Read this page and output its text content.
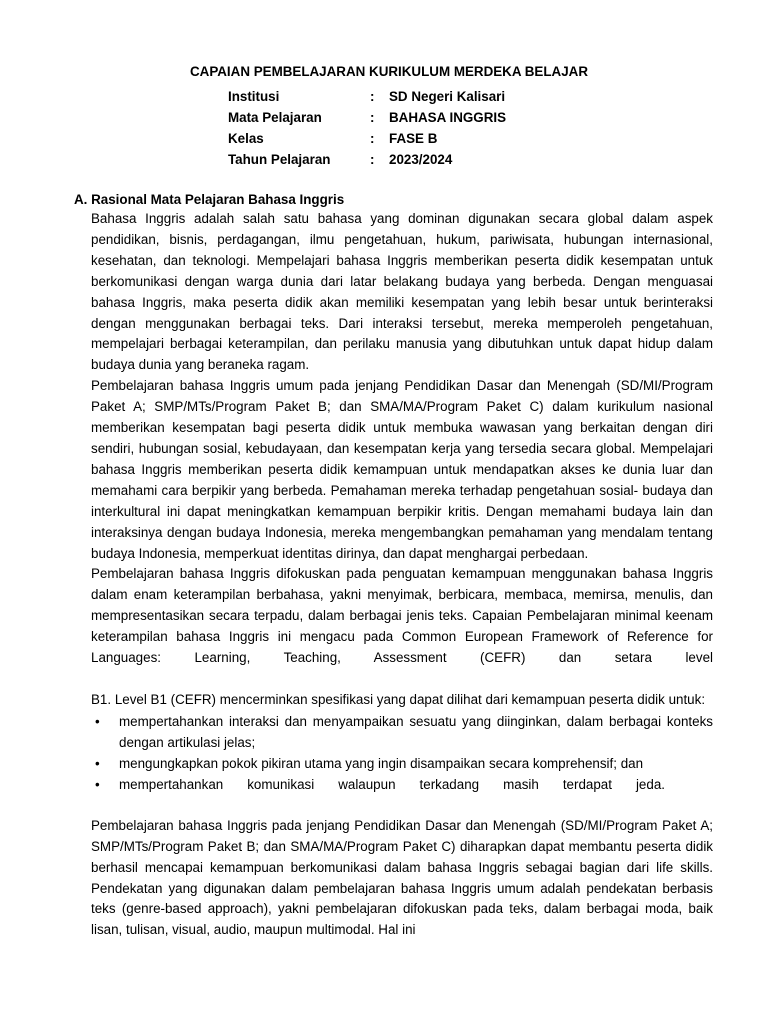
CAPAIAN PEMBELAJARAN KURIKULUM MERDEKA BELAJAR
Institusi	: SD Negeri Kalisari
Mata Pelajaran	: BAHASA INGGRIS
Kelas	: FASE B
Tahun Pelajaran	: 2023/2024
A. Rasional Mata Pelajaran Bahasa Inggris

Bahasa Inggris adalah salah satu bahasa yang dominan digunakan secara global dalam aspek pendidikan, bisnis, perdagangan, ilmu pengetahuan, hukum, pariwisata, hubungan internasional, kesehatan, dan teknologi. Mempelajari bahasa Inggris memberikan peserta didik kesempatan untuk berkomunikasi dengan warga dunia dari latar belakang budaya yang berbeda. Dengan menguasai bahasa Inggris, maka peserta didik akan memiliki kesempatan yang lebih besar untuk berinteraksi dengan menggunakan berbagai teks. Dari interaksi tersebut, mereka memperoleh pengetahuan, mempelajari berbagai keterampilan, dan perilaku manusia yang dibutuhkan untuk dapat hidup dalam budaya dunia yang beraneka ragam.

Pembelajaran bahasa Inggris umum pada jenjang Pendidikan Dasar dan Menengah (SD/MI/Program Paket A; SMP/MTs/Program Paket B; dan SMA/MA/Program Paket C) dalam kurikulum nasional memberikan kesempatan bagi peserta didik untuk membuka wawasan yang berkaitan dengan diri sendiri, hubungan sosial, kebudayaan, dan kesempatan kerja yang tersedia secara global. Mempelajari bahasa Inggris memberikan peserta didik kemampuan untuk mendapatkan akses ke dunia luar dan memahami cara berpikir yang berbeda. Pemahaman mereka terhadap pengetahuan sosial- budaya dan interkultural ini dapat meningkatkan kemampuan berpikir kritis. Dengan memahami budaya lain dan interaksinya dengan budaya Indonesia, mereka mengembangkan pemahaman yang mendalam tentang budaya Indonesia, memperkuat identitas dirinya, dan dapat menghargai perbedaan.

Pembelajaran bahasa Inggris difokuskan pada penguatan kemampuan menggunakan bahasa Inggris dalam enam keterampilan berbahasa, yakni menyimak, berbicara, membaca, memirsa, menulis, dan mempresentasikan secara terpadu, dalam berbagai jenis teks. Capaian Pembelajaran minimal keenam keterampilan bahasa Inggris ini mengacu pada Common European Framework of Reference for Languages: Learning, Teaching, Assessment (CEFR) dan setara level

B1. Level B1 (CEFR) mencerminkan spesifikasi yang dapat dilihat dari kemampuan peserta didik untuk:

• mempertahankan interaksi dan menyampaikan sesuatu yang diinginkan, dalam berbagai konteks dengan artikulasi jelas;
• mengungkapkan pokok pikiran utama yang ingin disampaikan secara komprehensif; dan
• mempertahankan komunikasi walaupun terkadang masih terdapat jeda.

Pembelajaran bahasa Inggris pada jenjang Pendidikan Dasar dan Menengah (SD/MI/Program Paket A; SMP/MTs/Program Paket B; dan SMA/MA/Program Paket C) diharapkan dapat membantu peserta didik berhasil mencapai kemampuan berkomunikasi dalam bahasa Inggris sebagai bagian dari life skills. Pendekatan yang digunakan dalam pembelajaran bahasa Inggris umum adalah pendekatan berbasis teks (genre-based approach), yakni pembelajaran difokuskan pada teks, dalam berbagai moda, baik lisan, tulisan, visual, audio, maupun multimodal. Hal ini
